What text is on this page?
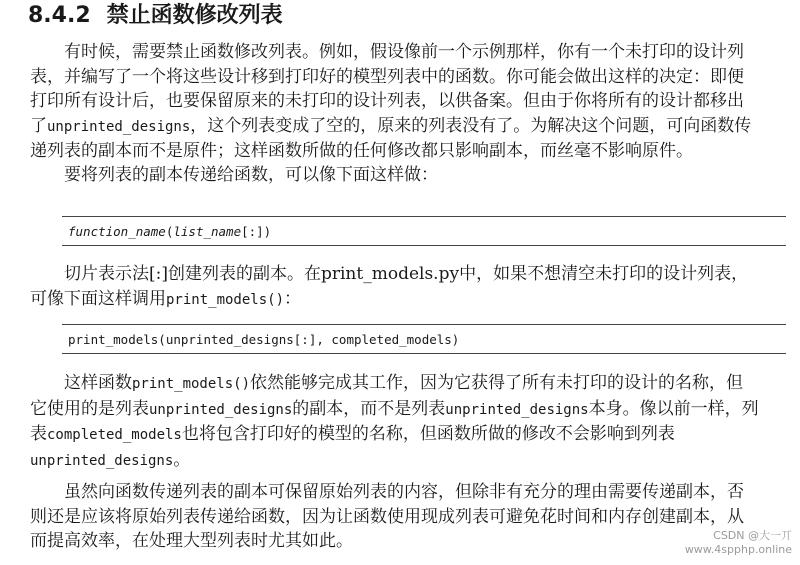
8.4.2 禁止函数修改列表
有时候，需要禁止函数修改列表。例如，假设像前一个示例那样，你有一个未打印的设计列
表，并编写了一个将这些设计移到打印好的模型列表中的函数。你可能会做出这样的决定：即便
打印所有设计后，也要保留原来的未打印的设计列表，以供备案。但由于你将所有的设计都移出
了unprinted_designs，这个列表变成了空的，原来的列表没有了。为解决这个问题，可向函数传
递列表的副本而不是原件；这样函数所做的任何修改都只影响副本，而丝毫不影响原件。
要将列表的副本传递给函数，可以像下面这样做：
function_name ( list_name [:])
切片表示法[:]创建列表的副本。在print_models.py中，如果不想清空未打印的设计列表，
可像下面这样调用print_models()：
print_models(unprinted_designs[:], completed_models)
这样函数print_models()依然能够完成其工作，因为它获得了所有未打印的设计的名称，但
它使用的是列表unprinted_designs的副本，而不是列表unprinted_designs本身。像以前一样，列
表completed_models也将包含打印好的模型的名称，但函数所做的修改不会影响到列表
unprinted_designs。
虽然向函数传递列表的副本可保留原始列表的内容，但除非有充分的理由需要传递副本，否
则还是应该将原始列表传递给函数，因为让函数使用现成列表可避免花时间和内存创建副本，从
而提高效率，在处理大型列表时尤其如此。	CSDN @大一丌
www.4spphp.online
